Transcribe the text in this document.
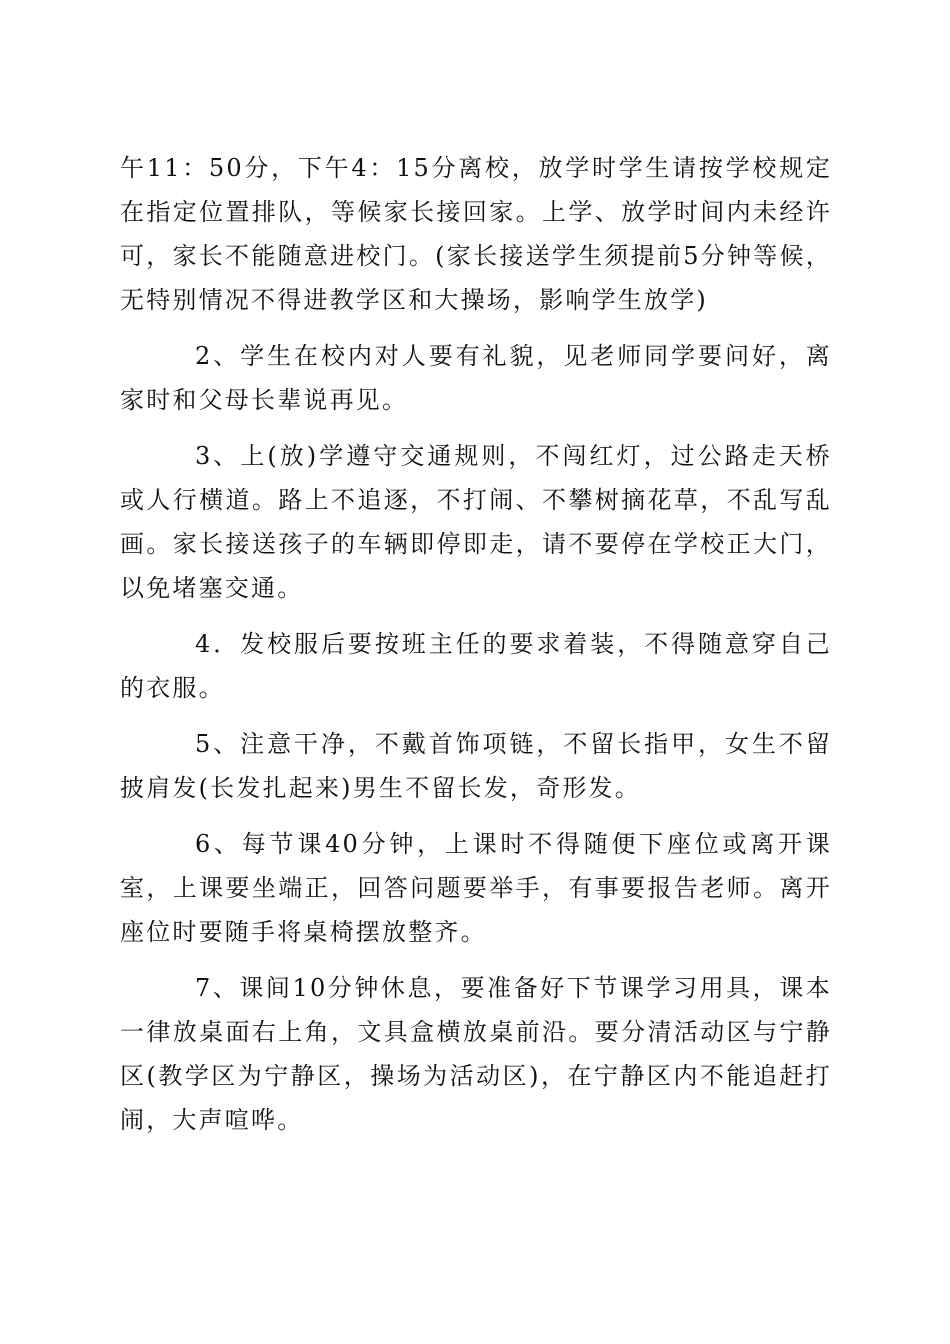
午11：50分，下午4：15分离校，放学时学生请按学校规定在指定位置排队，等候家长接回家。上学、放学时间内未经许可，家长不能随意进校门。(家长接送学生须提前5分钟等候，无特别情况不得进教学区和大操场，影响学生放学)

2、学生在校内对人要有礼貌，见老师同学要问好，离家时和父母长辈说再见。

3、上(放)学遵守交通规则，不闯红灯，过公路走天桥或人行横道。路上不追逐，不打闹、不攀树摘花草，不乱写乱画。家长接送孩子的车辆即停即走，请不要停在学校正大门，以免堵塞交通。

4．发校服后要按班主任的要求着装，不得随意穿自己的衣服。

5、注意干净，不戴首饰项链，不留长指甲，女生不留披肩发(长发扎起来)男生不留长发，奇形发。

6、每节课40分钟，上课时不得随便下座位或离开课室，上课要坐端正，回答问题要举手，有事要报告老师。离开座位时要随手将桌椅摆放整齐。

7、课间10分钟休息，要准备好下节课学习用具，课本一律放桌面右上角，文具盒横放桌前沿。要分清活动区与宁静区(教学区为宁静区，操场为活动区)，在宁静区内不能追赶打闹，大声喧哗。
